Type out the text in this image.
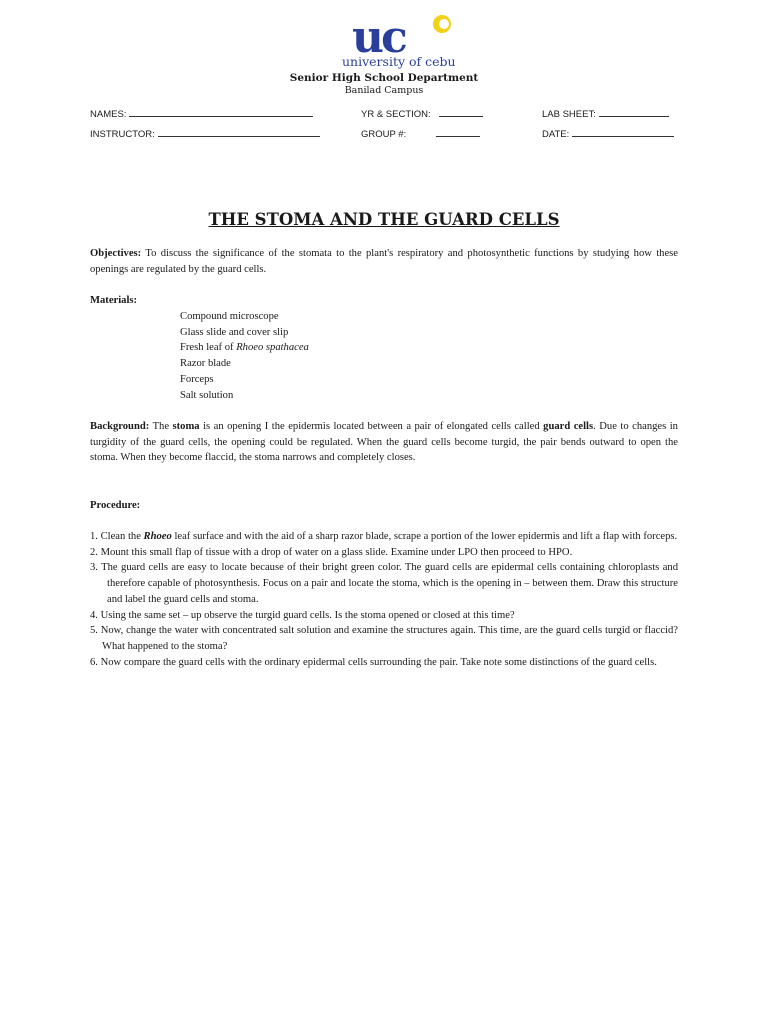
uc
university of cebu
Senior High School Department
Banilad Campus
NAMES:	YR & SECTION:	LAB SHEET:
INSTRUCTOR:	GROUP #:	DATE:
THE STOMA AND THE GUARD CELLS
Objectives: To discuss the significance of the stomata to the plant's respiratory and photosynthetic functions by studying how these openings are regulated by the guard cells.
Materials:
Compound microscope
Glass slide and cover slip
Fresh leaf of Rhoeo spathacea
Razor blade
Forceps
Salt solution
Background: The stoma is an opening I the epidermis located between a pair of elongated cells called guard cells. Due to changes in turgidity of the guard cells, the opening could be regulated. When the guard cells become turgid, the pair bends outward to open the stoma. When they become flaccid, the stoma narrows and completely closes.
Procedure:
1. Clean the Rhoeo leaf surface and with the aid of a sharp razor blade, scrape a portion of the lower epidermis and lift a flap with forceps.
2. Mount this small flap of tissue with a drop of water on a glass slide. Examine under LPO then proceed to HPO.
3. The guard cells are easy to locate because of their bright green color. The guard cells are epidermal cells containing chloroplasts and therefore capable of photosynthesis. Focus on a pair and locate the stoma, which is the opening in – between them. Draw this structure and label the guard cells and stoma.
4. Using the same set – up observe the turgid guard cells. Is the stoma opened or closed at this time?
5. Now, change the water with concentrated salt solution and examine the structures again. This time, are the guard cells turgid or flaccid? What happened to the stoma?
6. Now compare the guard cells with the ordinary epidermal cells surrounding the pair. Take note some distinctions of the guard cells.
